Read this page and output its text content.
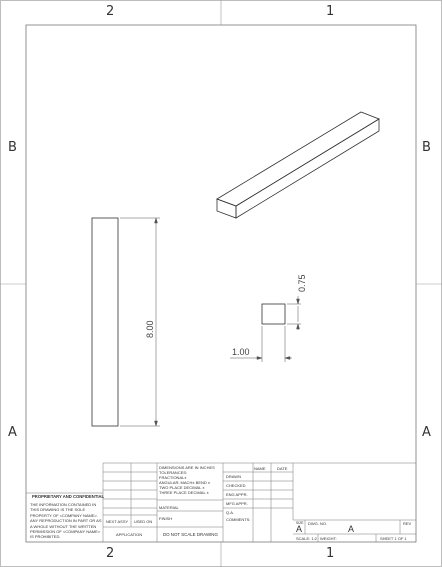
8.00
0.75
1.00
2	1
2	1
B	B
A	A
DIMENSIONS ARE IN INCHES
TOLERANCES:
FRACTIONAL±
ANGULAR: MACH± BEND ±
TWO PLACE DECIMAL ±
THREE PLACE DECIMAL ±
NAME	DATE
DRAWN
CHECKED
ENG APPR.
MFG APPR.
Q.A.
COMMENTS:
MATERIAL
FINISH
NEXT ASSY USED ON
APPLICATION	DO NOT SCALE DRAWING
PROPRIETARY AND CONFIDENTIAL
THE INFORMATION CONTAINED IN
THIS DRAWING IS THE SOLE
PROPERTY OF <COMPANY NAME>.
ANY REPRODUCTION IN PART OR AS
A WHOLE WITHOUT THE WRITTEN
PERMISSION OF <COMPANY NAME>
IS PROHIBITED.
SIZE
A
DWG. NO.
A
REV
SCALE: 1:2 WEIGHT:	SHEET 1 OF 1
